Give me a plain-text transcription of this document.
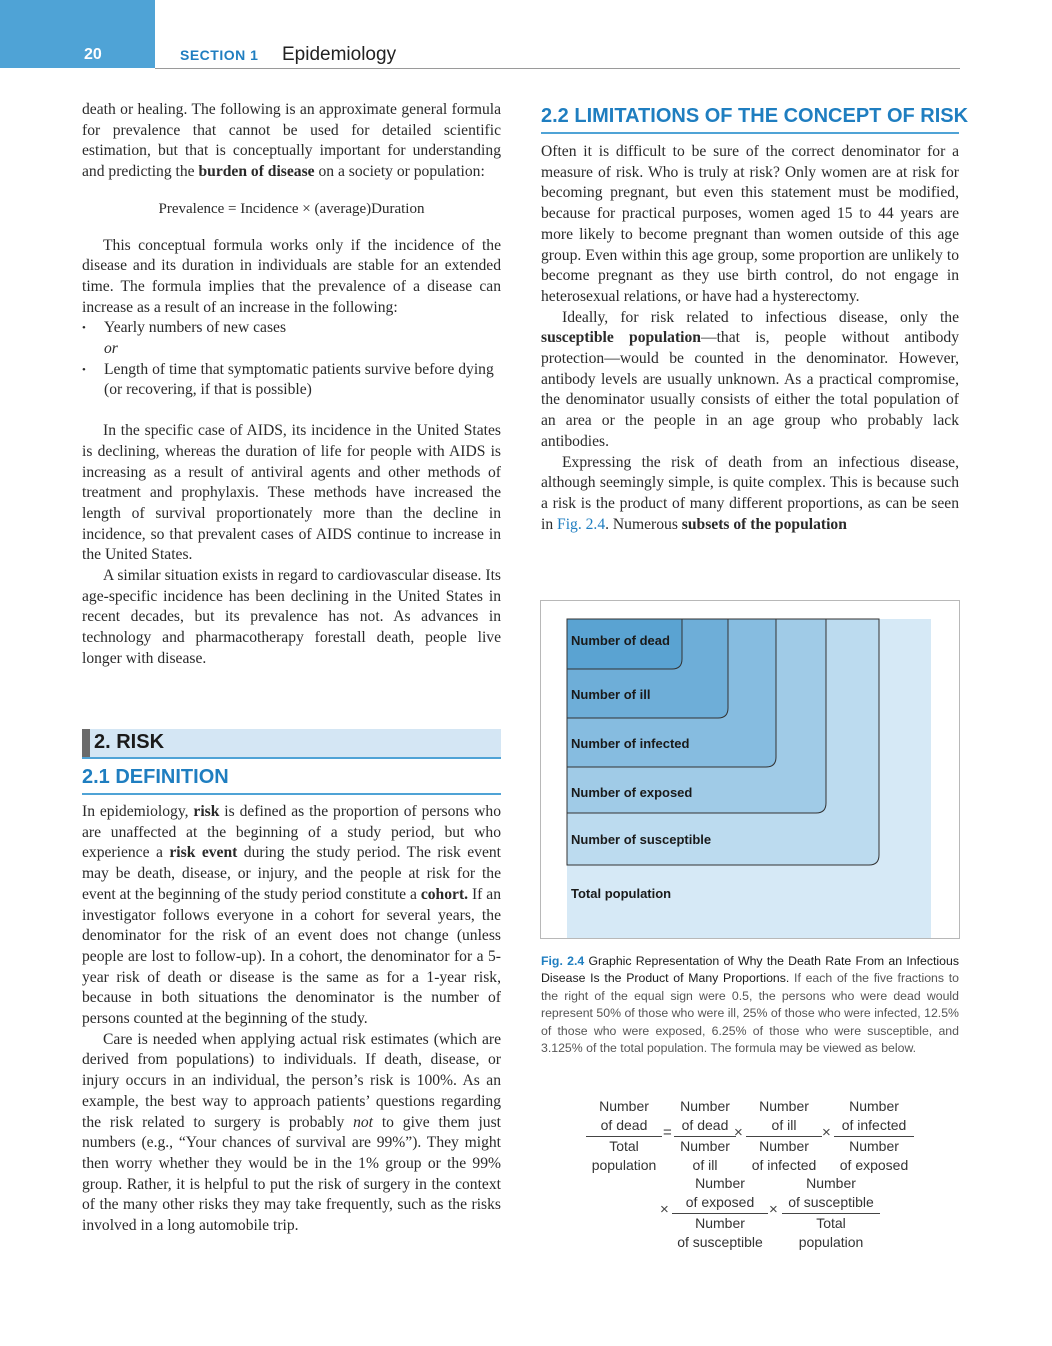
20	SECTION 1 Epidemiology

death or healing. The following is an approximate general formula for prevalence that cannot be used for detailed scientific estimation, but that is conceptually important for understanding and predicting the burden of disease on a society or population:

Prevalence = Incidence × (average)Duration

This conceptual formula works only if the incidence of the disease and its duration in individuals are stable for an extended time. The formula implies that the prevalence of a disease can increase as a result of an increase in the following:

• Yearly numbers of new cases
or
• Length of time that symptomatic patients survive before dying (or recovering, if that is possible)

In the specific case of AIDS, its incidence in the United States is declining, whereas the duration of life for people with AIDS is increasing as a result of antiviral agents and other methods of treatment and prophylaxis. These methods have increased the length of survival proportionately more than the decline in incidence, so that prevalent cases of AIDS continue to increase in the United States.

A similar situation exists in regard to cardiovascular disease. Its age-specific incidence has been declining in the United States in recent decades, but its prevalence has not. As advances in technology and pharmacotherapy forestall death, people live longer with disease.

2. RISK
2.1 DEFINITION

In epidemiology, risk is defined as the proportion of persons who are unaffected at the beginning of a study period, but who experience a risk event during the study period. The risk event may be death, disease, or injury, and the people at risk for the event at the beginning of the study period constitute a cohort. If an investigator follows everyone in a cohort for several years, the denominator for the risk of an event does not change (unless people are lost to follow-up). In a cohort, the denominator for a 5-year risk of death or disease is the same as for a 1-year risk, because in both situations the denominator is the number of persons counted at the beginning of the study.

Care is needed when applying actual risk estimates (which are derived from populations) to individuals. If death, disease, or injury occurs in an individual, the person’s risk is 100%. As an example, the best way to approach patients’ questions regarding the risk related to surgery is probably not to give them just numbers (e.g., “Your chances of survival are 99%”). They might then worry whether they would be in the 1% group or the 99% group. Rather, it is helpful to put the risk of surgery in the context of the many other risks they may take frequently, such as the risks involved in a long automobile trip.

2.2 LIMITATIONS OF THE CONCEPT OF RISK

Often it is difficult to be sure of the correct denominator for a measure of risk. Who is truly at risk? Only women are at risk for becoming pregnant, but even this statement must be modified, because for practical purposes, women aged 15 to 44 years are more likely to become pregnant than women outside of this age group. Even within this age group, some proportion are unlikely to become pregnant as they use birth control, do not engage in heterosexual relations, or have had a hysterectomy.

Ideally, for risk related to infectious disease, only the susceptible population—that is, people without antibody protection—would be counted in the denominator. However, antibody levels are usually unknown. As a practical compromise, the denominator usually consists of either the total population of an area or the people in an age group who probably lack antibodies.

Expressing the risk of death from an infectious disease, although seemingly simple, is quite complex. This is because such a risk is the product of many different proportions, as can be seen in Fig. 2.4. Numerous subsets of the population

Number of dead
Number of ill
Number of infected
Number of exposed
Number of susceptible
Total population
Fig. 2.4 Graphic Representation of Why the Death Rate From an Infectious Disease Is the Product of Many Proportions. If each of the five fractions to the right of the equal sign were 0.5, the persons who were dead would represent 50% of those who were ill, 25% of those who were infected, 12.5% of those who were exposed, 6.25% of those who were susceptible, and 3.125% of the total population. The formula may be viewed as below.
Number
of dead
Total
population
=
Number
of dead
Number
of ill
×
Number
of ill
Number
of infected
×
Number
of infected
Number
of exposed
×
Number
of exposed
Number
of susceptible
×
Number
of susceptible
Total
population
